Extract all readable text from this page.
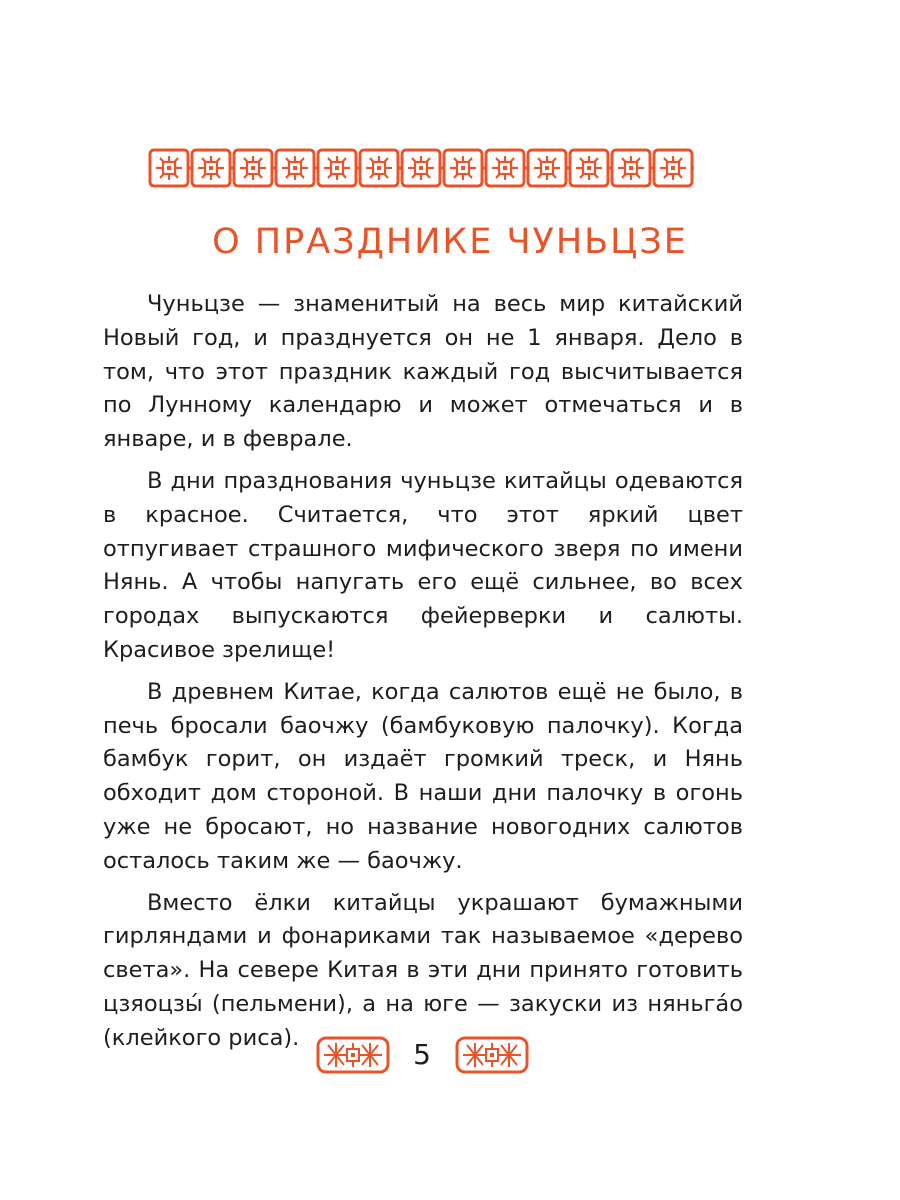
О ПРАЗДНИКЕ ЧУНЬЦЗЕ

Чуньцзе — знаменитый на весь мир китайский Новый год, и празднуется он не 1 января. Дело в том, что этот праздник каждый год высчитывается по Лунному календарю и может отмечаться и в январе, и в феврале.

В дни празднования чуньцзе китайцы одеваются в красное. Считается, что этот яркий цвет отпугивает страшного мифического зверя по имени Нянь. А чтобы напугать его ещё сильнее, во всех городах выпускаются фейерверки и салюты. Красивое зрелище!

В древнем Китае, когда салютов ещё не было, в печь бросали баочжу (бамбуковую палочку). Когда бамбук горит, он издаёт громкий треск, и Нянь обходит дом стороной. В наши дни палочку в огонь уже не бросают, но название новогодних салютов осталось таким же — баочжу.

Вместо ёлки китайцы украшают бумажными гирляндами и фонариками так называемое «дерево света». На севере Китая в эти дни принято готовить цзяоцзы́ (пельмени), а на юге — закуски из няньга́о (клейкого риса).

5
